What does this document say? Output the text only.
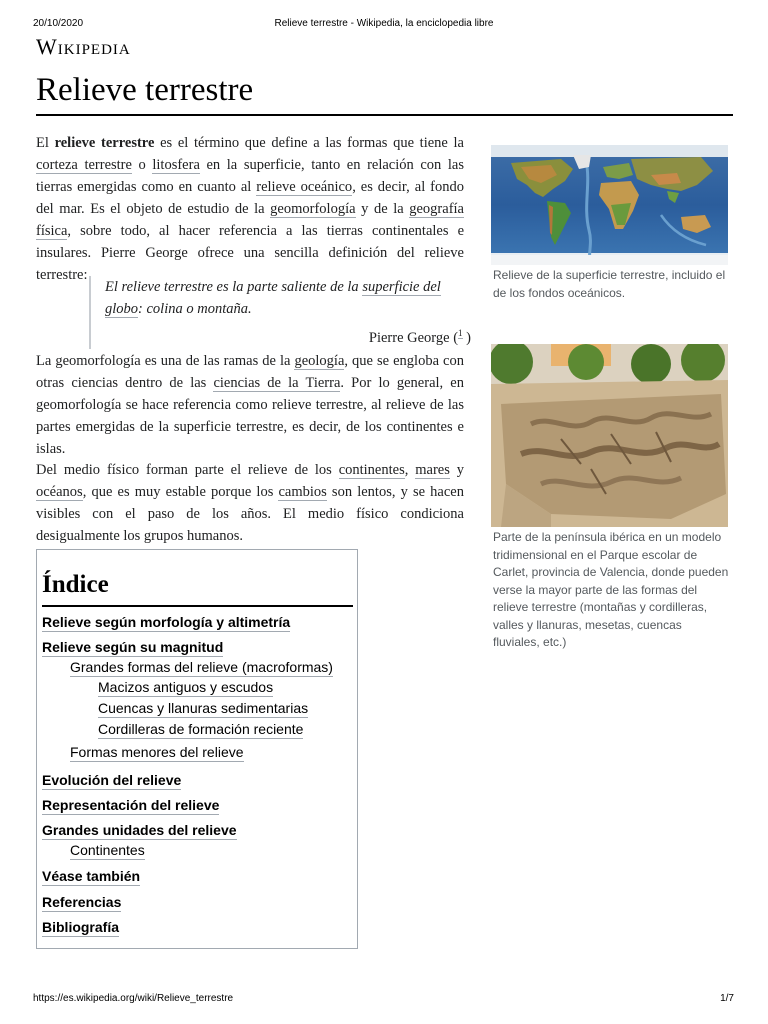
20/10/2020	Relieve terrestre - Wikipedia, la enciclopedia libre
Wikipedia
Relieve terrestre
El relieve terrestre es el término que define a las formas que tiene la corteza terrestre o litosfera en la superficie, tanto en relación con las tierras emergidas como en cuanto al relieve oceánico, es decir, al fondo del mar. Es el objeto de estudio de la geomorfología y de la geografía física, sobre todo, al hacer referencia a las tierras continentales e insulares. Pierre George ofrece una sencilla definición del relieve terrestre:
El relieve terrestre es la parte saliente de la superficie del globo: colina o montaña.
Pierre George ($^1$ )
La geomorfología es una de las ramas de la geología, que se engloba con otras ciencias dentro de las ciencias de la Tierra. Por lo general, en geomorfología se hace referencia como relieve terrestre, al relieve de las partes emergidas de la superficie terrestre, es decir, de los continentes e islas.
Del medio físico forman parte el relieve de los continentes, mares y océanos, que es muy estable porque los cambios son lentos, y se hacen visibles con el paso de los años. El medio físico condiciona desigualmente los grupos humanos.
Relieve de la superficie terrestre, incluido el de los fondos oceánicos.
Parte de la península ibérica en un modelo tridimensional en el Parque escolar de Carlet, provincia de Valencia, donde pueden verse la mayor parte de las formas del relieve terrestre (montañas y cordilleras, valles y llanuras, mesetas, cuencas fluviales, etc.)
Índice
Relieve según morfología y altimetría
Relieve según su magnitud
Grandes formas del relieve (macroformas)
Macizos antiguos y escudos
Cuencas y llanuras sedimentarias
Cordilleras de formación reciente
Formas menores del relieve
Evolución del relieve
Representación del relieve
Grandes unidades del relieve
Continentes
Véase también
Referencias
Bibliografía
https://es.wikipedia.org/wiki/Relieve_terrestre	1/7
